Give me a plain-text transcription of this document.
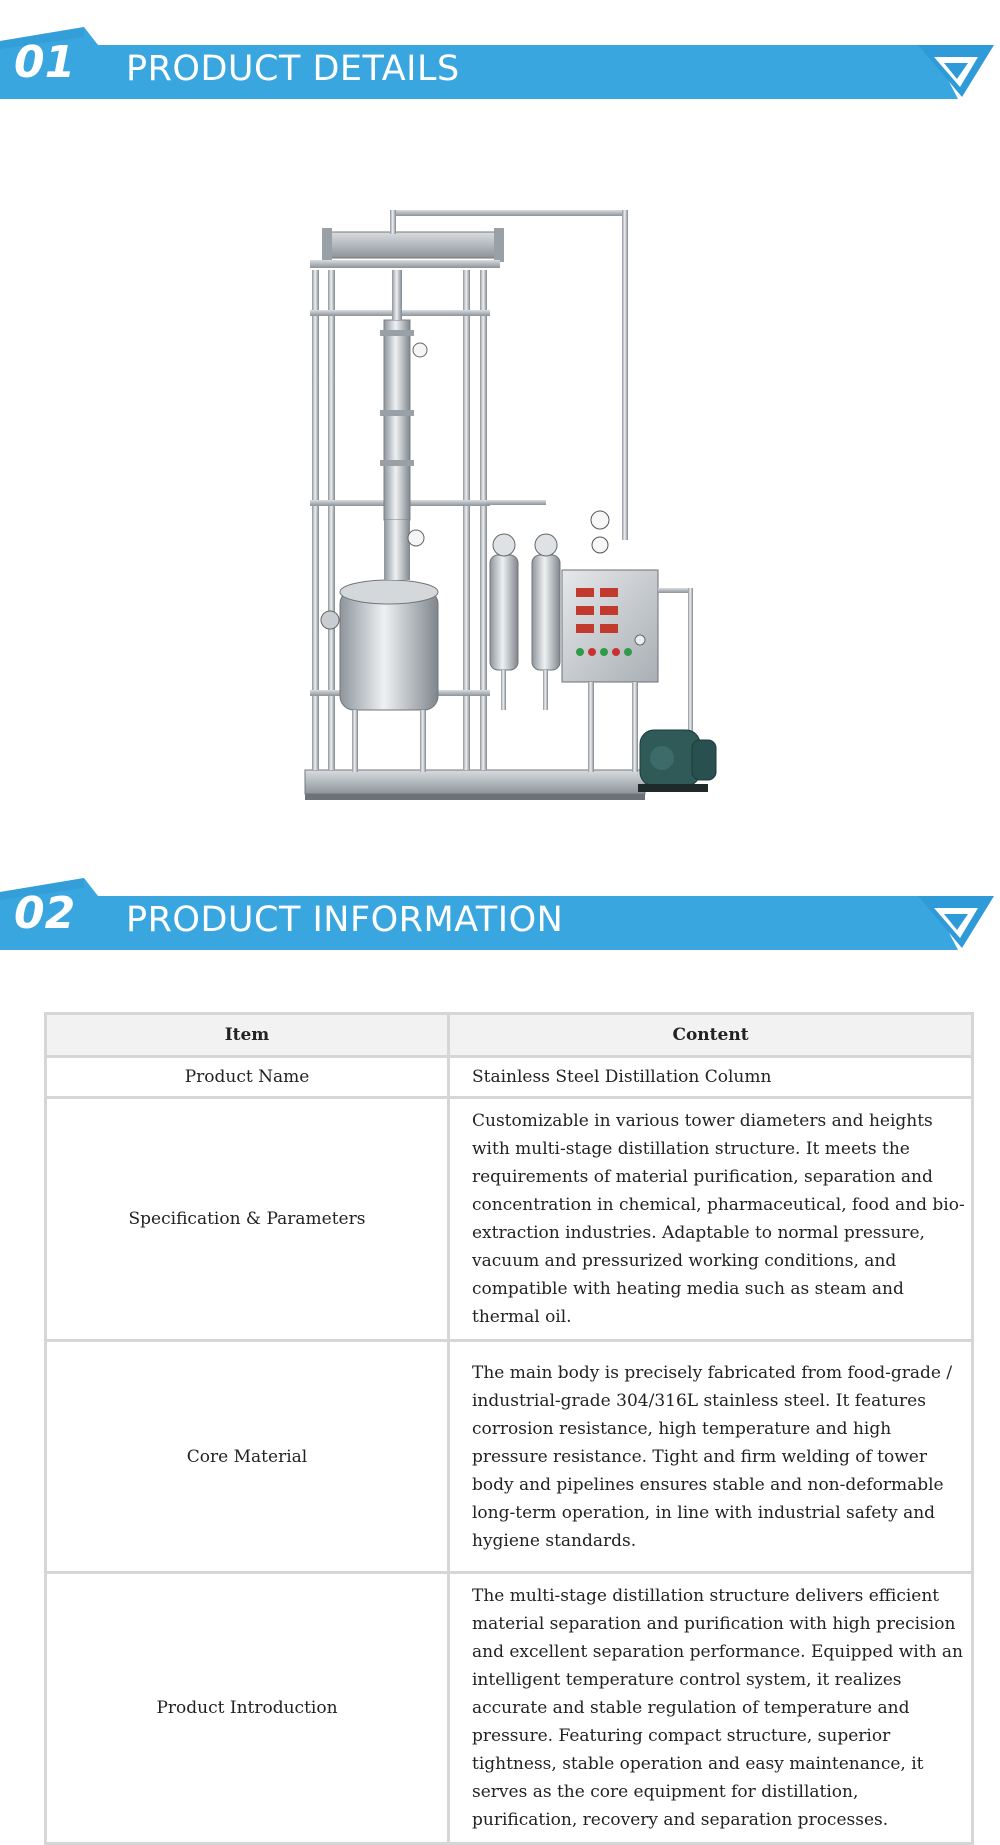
01 PRODUCT DETAILS
02 PRODUCT INFORMATION
Item	Content
Product Name	Stainless Steel Distillation Column
Specification & Parameters	Customizable in various tower diameters and heights with multi-stage distillation structure. It meets the requirements of material purification, separation and concentration in chemical, pharmaceutical, food and bio-extraction industries. Adaptable to normal pressure, vacuum and pressurized working conditions, and compatible with heating media such as steam and thermal oil.
Core Material	The main body is precisely fabricated from food-grade / industrial-grade 304/316L stainless steel. It features corrosion resistance, high temperature and high pressure resistance. Tight and firm welding of tower body and pipelines ensures stable and non-deformable long-term operation, in line with industrial safety and hygiene standards.
Product Introduction	The multi-stage distillation structure delivers efficient material separation and purification with high precision and excellent separation performance. Equipped with an intelligent temperature control system, it realizes accurate and stable regulation of temperature and pressure. Featuring compact structure, superior tightness, stable operation and easy maintenance, it serves as the core equipment for distillation, purification, recovery and separation processes.
